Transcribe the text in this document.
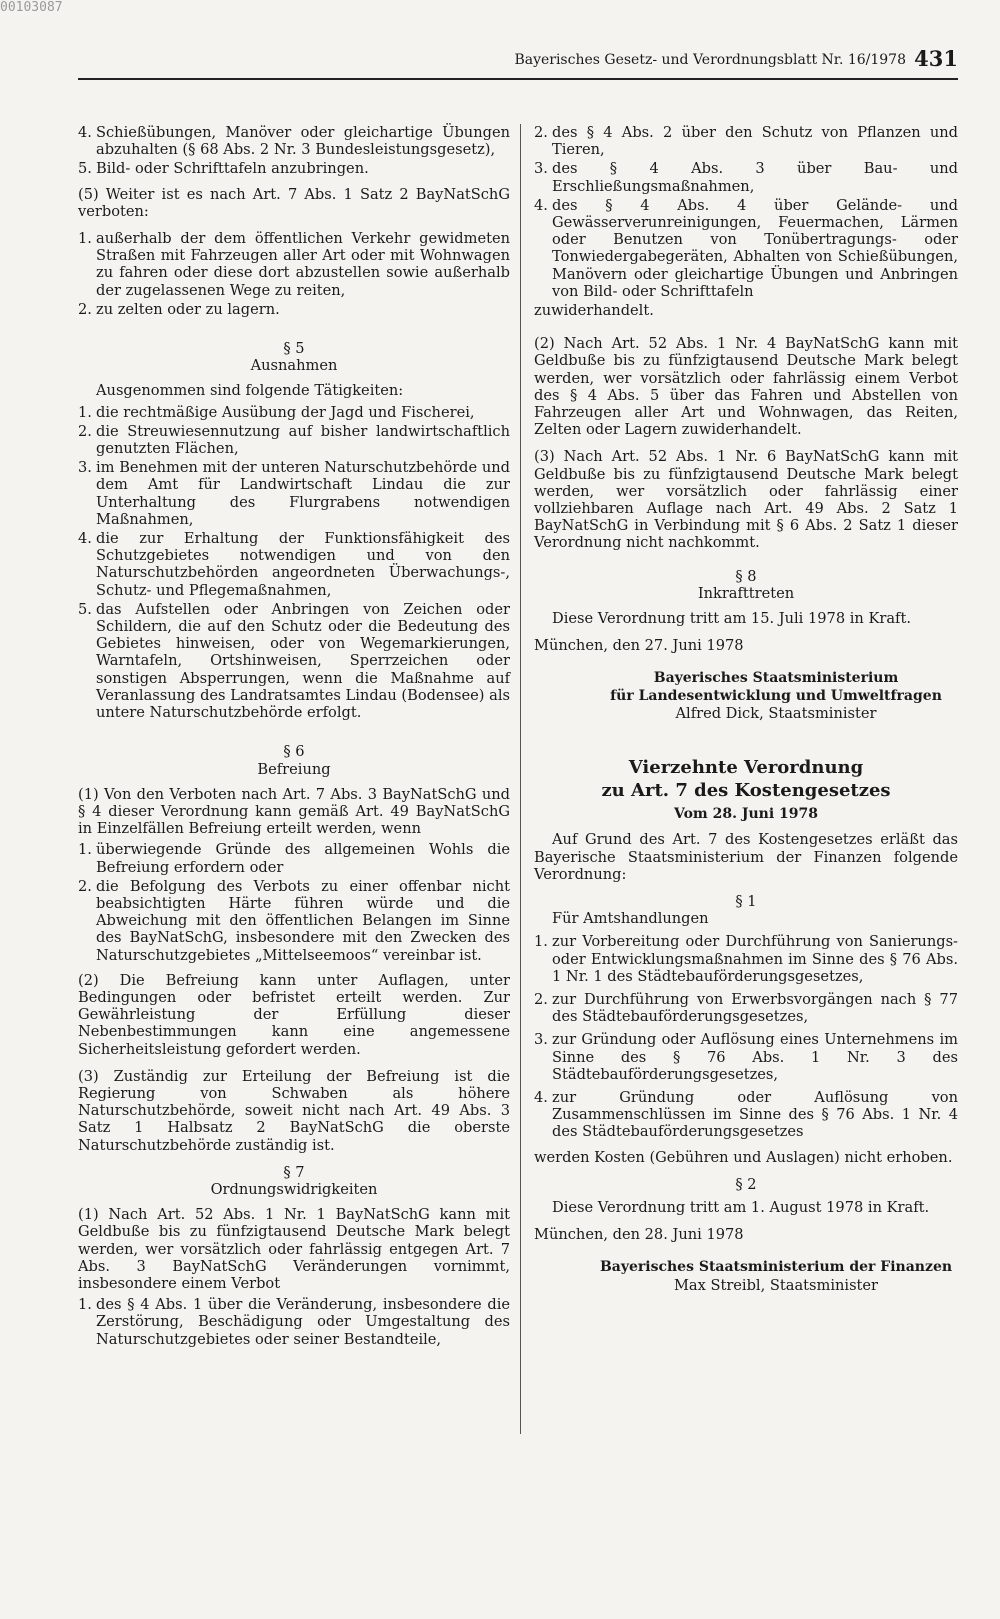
00103087
Bayerisches Gesetz- und Verordnungsblatt Nr. 16/1978 431
4. Schießübungen, Manöver oder gleichartige Übungen abzuhalten (§ 68 Abs. 2 Nr. 3 Bundesleistungsgesetz),
5. Bild- oder Schrifttafeln anzubringen.

(5) Weiter ist es nach Art. 7 Abs. 1 Satz 2 BayNatSchG verboten:

1. außerhalb der dem öffentlichen Verkehr gewidmeten Straßen mit Fahrzeugen aller Art oder mit Wohnwagen zu fahren oder diese dort abzustellen sowie außerhalb der zugelassenen Wege zu reiten,
2. zu zelten oder zu lagern.

§ 5

Ausnahmen

Ausgenommen sind folgende Tätigkeiten:

1. die rechtmäßige Ausübung der Jagd und Fischerei,
2. die Streuwiesennutzung auf bisher landwirtschaftlich genutzten Flächen,
3. im Benehmen mit der unteren Naturschutzbehörde und dem Amt für Landwirtschaft Lindau die zur Unterhaltung des Flurgrabens notwendigen Maßnahmen,
4. die zur Erhaltung der Funktionsfähigkeit des Schutzgebietes notwendigen und von den Naturschutzbehörden angeordneten Überwachungs-, Schutz- und Pflegemaßnahmen,
5. das Aufstellen oder Anbringen von Zeichen oder Schildern, die auf den Schutz oder die Bedeutung des Gebietes hinweisen, oder von Wegemarkierungen, Warntafeln, Ortshinweisen, Sperrzeichen oder sonstigen Absperrungen, wenn die Maßnahme auf Veranlassung des Landratsamtes Lindau (Bodensee) als untere Naturschutzbehörde erfolgt.

§ 6

Befreiung

(1) Von den Verboten nach Art. 7 Abs. 3 BayNatSchG und § 4 dieser Verordnung kann gemäß Art. 49 BayNatSchG in Einzelfällen Befreiung erteilt werden, wenn

1. überwiegende Gründe des allgemeinen Wohls die Befreiung erfordern oder
2. die Befolgung des Verbots zu einer offenbar nicht beabsichtigten Härte führen würde und die Abweichung mit den öffentlichen Belangen im Sinne des BayNatSchG, insbesondere mit den Zwecken des Naturschutzgebietes „Mittelseemoos“ vereinbar ist.

(2) Die Befreiung kann unter Auflagen, unter Bedingungen oder befristet erteilt werden. Zur Gewährleistung der Erfüllung dieser Nebenbestimmungen kann eine angemessene Sicherheitsleistung gefordert werden.

(3) Zuständig zur Erteilung der Befreiung ist die Regierung von Schwaben als höhere Naturschutzbehörde, soweit nicht nach Art. 49 Abs. 3 Satz 1 Halbsatz 2 BayNatSchG die oberste Naturschutzbehörde zuständig ist.

§ 7

Ordnungswidrigkeiten

(1) Nach Art. 52 Abs. 1 Nr. 1 BayNatSchG kann mit Geldbuße bis zu fünfzigtausend Deutsche Mark belegt werden, wer vorsätzlich oder fahrlässig entgegen Art. 7 Abs. 3 BayNatSchG Veränderungen vornimmt, insbesondere einem Verbot

1. des § 4 Abs. 1 über die Veränderung, insbesondere die Zerstörung, Beschädigung oder Umgestaltung des Naturschutzgebietes oder seiner Bestandteile,
2. des § 4 Abs. 2 über den Schutz von Pflanzen und Tieren,
3. des § 4 Abs. 3 über Bau- und Erschließungsmaßnahmen,
4. des § 4 Abs. 4 über Gelände- und Gewässerverunreinigungen, Feuermachen, Lärmen oder Benutzen von Tonübertragungs- oder Tonwiedergabegeräten, Abhalten von Schießübungen, Manövern oder gleichartige Übungen und Anbringen von Bild- oder Schrifttafeln

zuwiderhandelt.

(2) Nach Art. 52 Abs. 1 Nr. 4 BayNatSchG kann mit Geldbuße bis zu fünfzigtausend Deutsche Mark belegt werden, wer vorsätzlich oder fahrlässig einem Verbot des § 4 Abs. 5 über das Fahren und Abstellen von Fahrzeugen aller Art und Wohnwagen, das Reiten, Zelten oder Lagern zuwiderhandelt.

(3) Nach Art. 52 Abs. 1 Nr. 6 BayNatSchG kann mit Geldbuße bis zu fünfzigtausend Deutsche Mark belegt werden, wer vorsätzlich oder fahrlässig einer vollziehbaren Auflage nach Art. 49 Abs. 2 Satz 1 BayNatSchG in Verbindung mit § 6 Abs. 2 Satz 1 dieser Verordnung nicht nachkommt.

§ 8

Inkrafttreten

Diese Verordnung tritt am 15. Juli 1978 in Kraft.

München, den 27. Juni 1978

Bayerisches Staatsministerium
für Landesentwicklung und Umweltfragen
Alfred Dick, Staatsminister
Vierzehnte Verordnung
zu Art. 7 des Kostengesetzes
Vom 28. Juni 1978

Auf Grund des Art. 7 des Kostengesetzes erläßt das Bayerische Staatsministerium der Finanzen folgende Verordnung:

§ 1

Für Amtshandlungen

1. zur Vorbereitung oder Durchführung von Sanierungs- oder Entwicklungsmaßnahmen im Sinne des § 76 Abs. 1 Nr. 1 des Städtebauförderungsgesetzes,
2. zur Durchführung von Erwerbsvorgängen nach § 77 des Städtebauförderungsgesetzes,
3. zur Gründung oder Auflösung eines Unternehmens im Sinne des § 76 Abs. 1 Nr. 3 des Städtebauförderungsgesetzes,
4. zur Gründung oder Auflösung von Zusammenschlüssen im Sinne des § 76 Abs. 1 Nr. 4 des Städtebauförderungsgesetzes

werden Kosten (Gebühren und Auslagen) nicht erhoben.

§ 2

Diese Verordnung tritt am 1. August 1978 in Kraft.

München, den 28. Juni 1978

Bayerisches Staatsministerium der Finanzen
Max Streibl, Staatsminister
